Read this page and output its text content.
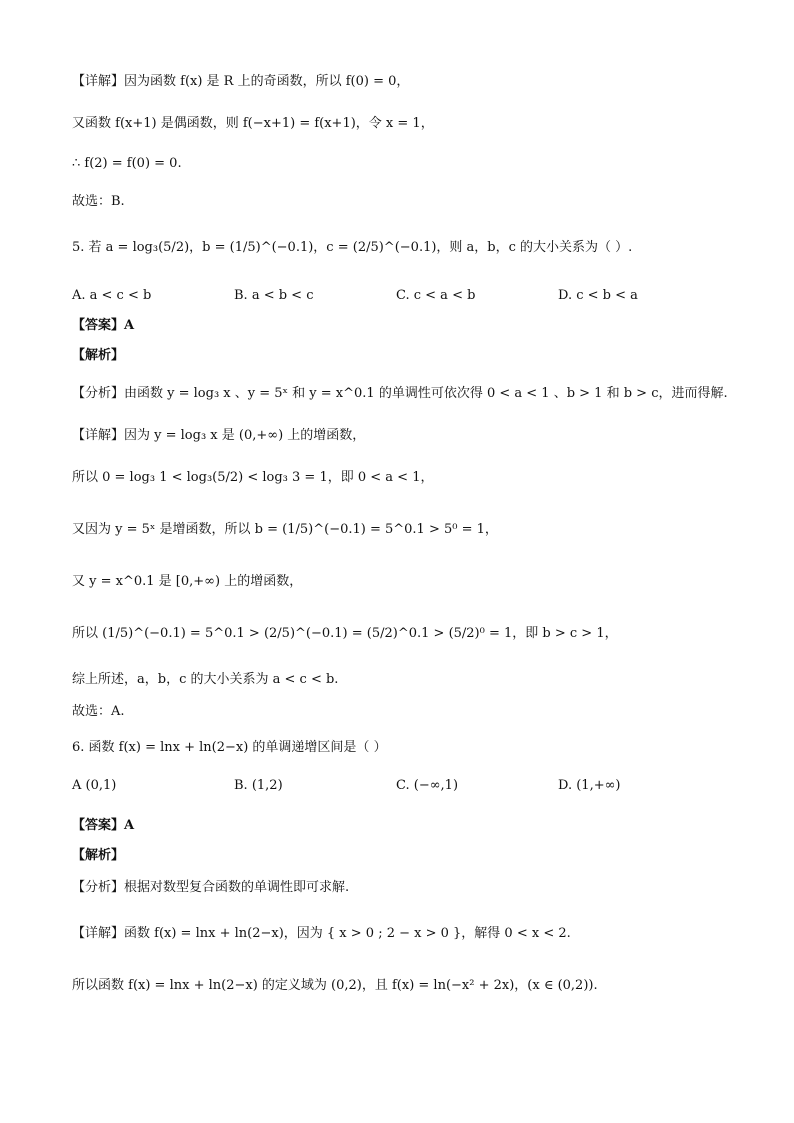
【详解】因为函数 f(x) 是 R 上的奇函数，所以 f(0) = 0，
又函数 f(x+1) 是偶函数，则 f(−x+1) = f(x+1)，令 x = 1，
∴ f(2) = f(0) = 0.
故选：B.
5. 若 a = log₃(5/2)，b = (1/5)^(−0.1)，c = (2/5)^(−0.1)，则 a，b，c 的大小关系为（ ）.
A. a < c < b	B. a < b < c	C. c < a < b	D. c < b < a
【答案】A
【解析】
【分析】由函数 y = log₃ x 、y = 5ˣ 和 y = x^0.1 的单调性可依次得 0 < a < 1 、b > 1 和 b > c，进而得解.
【详解】因为 y = log₃ x 是 (0,+∞) 上的增函数，
所以 0 = log₃ 1 < log₃(5/2) < log₃ 3 = 1，即 0 < a < 1，
又因为 y = 5ˣ 是增函数，所以 b = (1/5)^(−0.1) = 5^0.1 > 5⁰ = 1，
又 y = x^0.1 是 [0,+∞) 上的增函数，
所以 (1/5)^(−0.1) = 5^0.1 > (2/5)^(−0.1) = (5/2)^0.1 > (5/2)⁰ = 1，即 b > c > 1，
综上所述，a，b，c 的大小关系为 a < c < b.
故选：A.
6. 函数 f(x) = lnx + ln(2−x) 的单调递增区间是（ ）
A (0,1)	B. (1,2)	C. (−∞,1)	D. (1,+∞)
【答案】A
【解析】
【分析】根据对数型复合函数的单调性即可求解.
【详解】函数 f(x) = lnx + ln(2−x)，因为 { x > 0 ; 2 − x > 0 }，解得 0 < x < 2.
所以函数 f(x) = lnx + ln(2−x) 的定义域为 (0,2)，且 f(x) = ln(−x² + 2x)，(x ∈ (0,2)).
